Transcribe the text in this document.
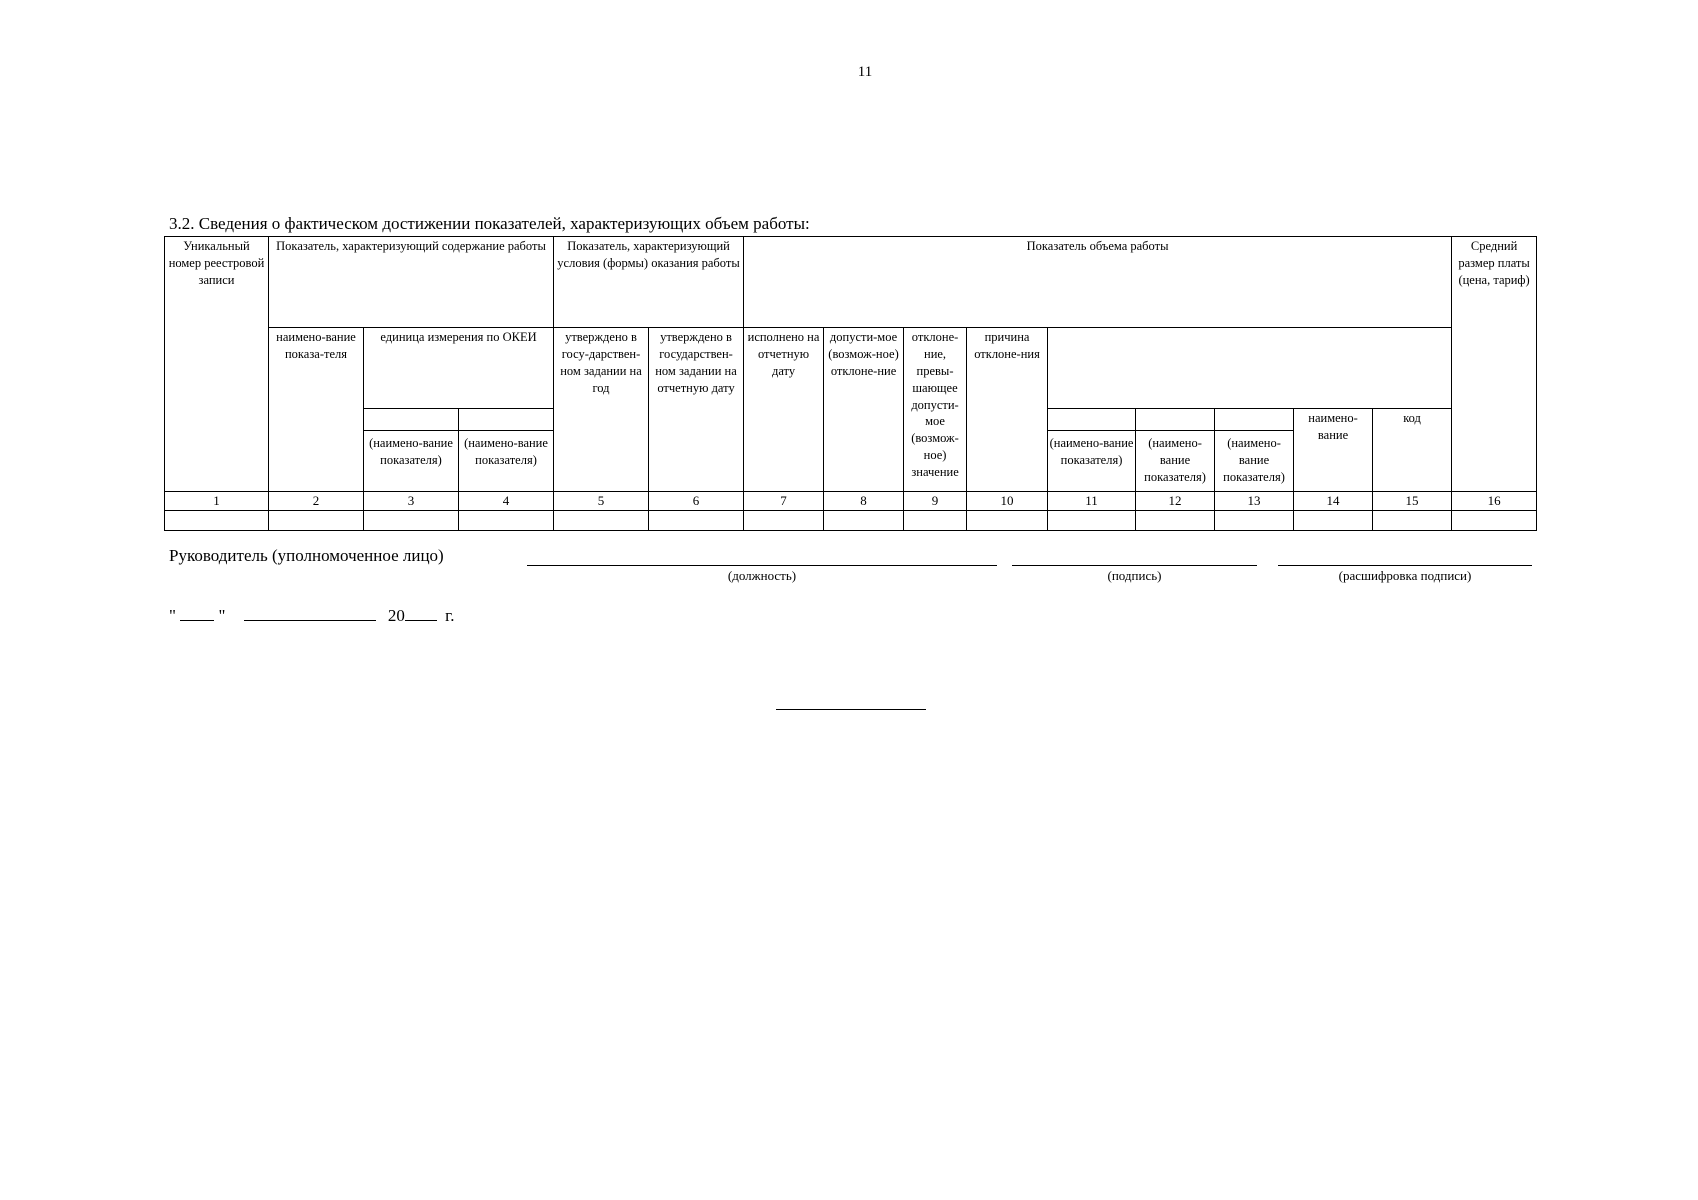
11
3.2. Сведения о фактическом достижении показателей, характеризующих объем работы:
Уникальный номер реестровой записи	Показатель, характеризующий содержание работы			Показатель, характеризующий условия (формы) оказания работы		Показатель объема работы									Средний размер платы (цена, тариф)
	наимено-вание показа-теля	единица измерения по ОКЕИ		утверждено в госу-дарствен-ном задании на год	утверждено в государствен-ном задании на отчетную дату	исполнено на отчетную дату	допусти-мое (возмож-ное) отклоне-ние	отклоне-ние, превы-шающее допусти-мое (возмож-ное) значение	причина отклоне-ния						

		(наимено-вание показателя)	(наимено-вание показателя)							(наимено-вание показателя)	(наимено-вание показателя)	(наимено-вание показателя)	наимено-вание	код	
1	2	3	4	5	6	7	8	9	10	11	12	13	14	15	16

Руководитель (уполномоченное лицо)
(должность)	(подпись)	(расшифровка подписи)
"	"	20 г.
